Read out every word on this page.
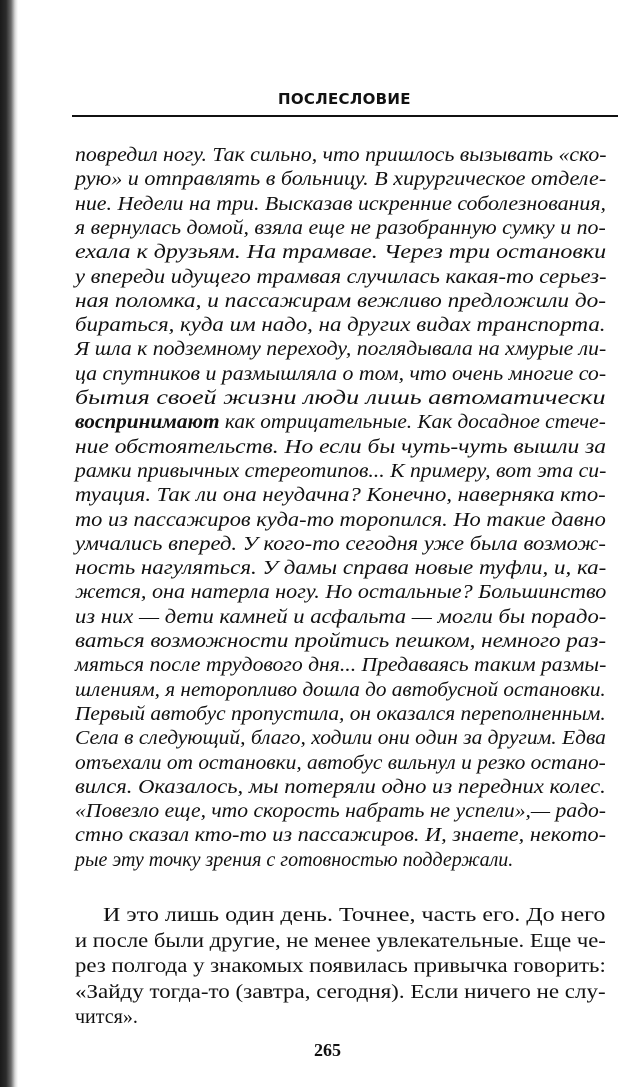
ПОСЛЕСЛОВИЕ
повредил ногу. Так сильно, что пришлось вызывать «ско-
рую» и отправлять в больницу. В хирургическое отделе-
ние. Недели на три. Высказав искренние соболезнования,
я вернулась домой, взяла еще не разобранную сумку и по-
ехала к друзьям. На трамвае. Через три остановки
у впереди идущего трамвая случилась какая-то серьез-
ная поломка, и пассажирам вежливо предложили до-
бираться, куда им надо, на других видах транспорта.
Я шла к подземному переходу, поглядывала на хмурые ли-
ца спутников и размышляла о том, что очень многие со-
бытия своей жизни люди лишь автоматически
воспринимают как отрицательные. Как досадное стече-
ние обстоятельств. Но если бы чуть-чуть вышли за
рамки привычных стереотипов... К примеру, вот эта си-
туация. Так ли она неудачна? Конечно, наверняка кто-
то из пассажиров куда-то торопился. Но такие давно
умчались вперед. У кого-то сегодня уже была возмож-
ность нагуляться. У дамы справа новые туфли, и, ка-
жется, она натерла ногу. Но остальные? Большинство
из них — дети камней и асфальта — могли бы порадо-
ваться возможности пройтись пешком, немного раз-
мяться после трудового дня... Предаваясь таким размы-
шлениям, я неторопливо дошла до автобусной остановки.
Первый автобус пропустила, он оказался переполненным.
Села в следующий, благо, ходили они один за другим. Едва
отъехали от остановки, автобус вильнул и резко остано-
вился. Оказалось, мы потеряли одно из передних колес.
«Повезло еще, что скорость набрать не успели»,— радо-
стно сказал кто-то из пассажиров. И, знаете, некото-
рые эту точку зрения с готовностью поддержали.
И это лишь один день. Точнее, часть его. До него
и после были другие, не менее увлекательные. Еще че-
рез полгода у знакомых появилась привычка говорить:
«Зайду тогда-то (завтра, сегодня). Если ничего не слу-
чится».
265
